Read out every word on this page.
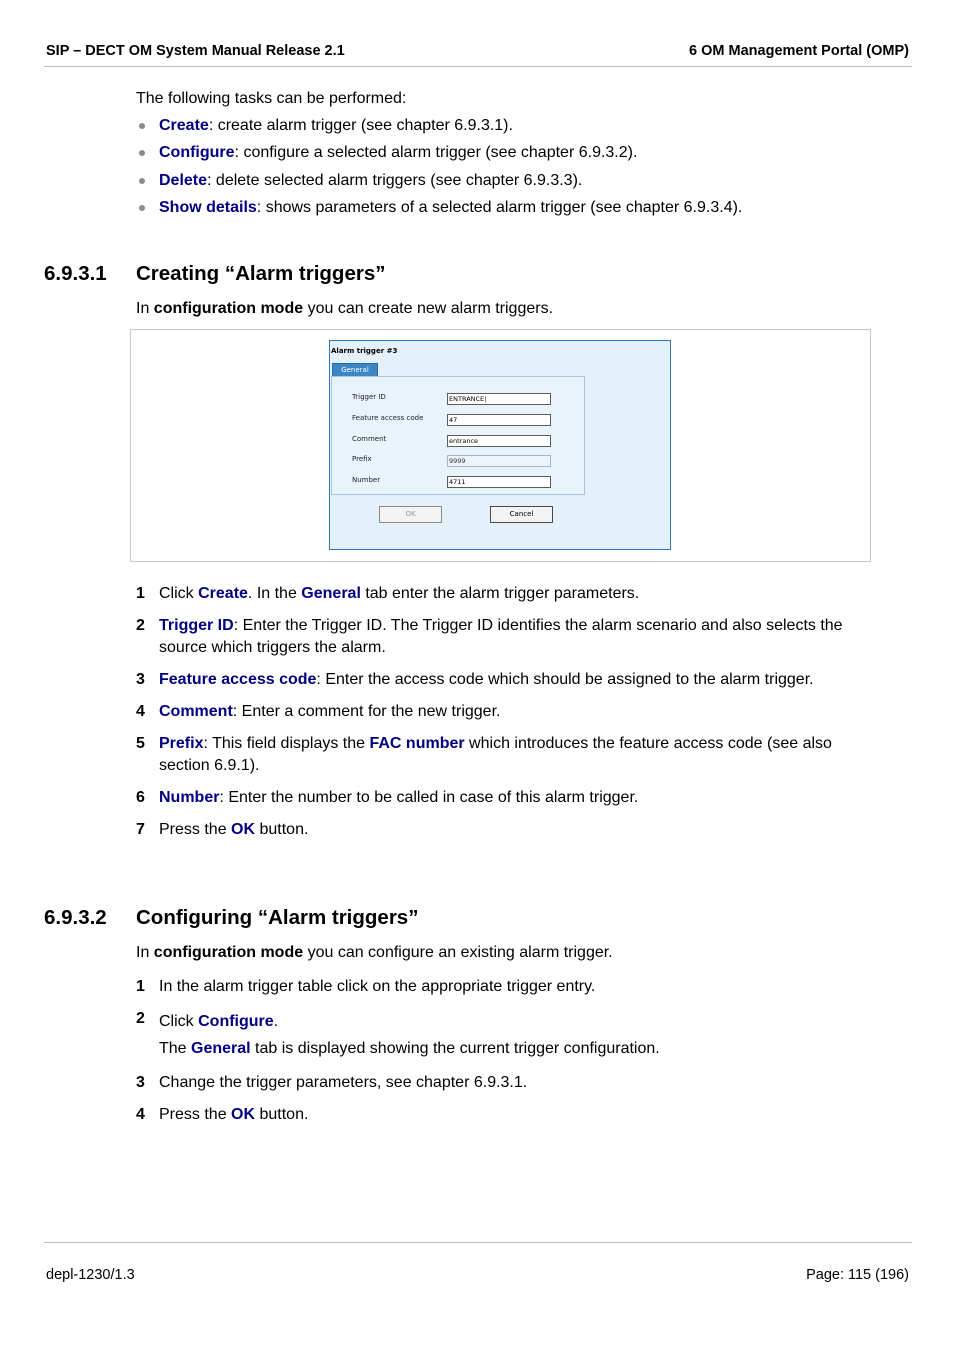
SIP – DECT OM System Manual Release 2.1	6 OM Management Portal (OMP)
The following tasks can be performed:
Create: create alarm trigger (see chapter 6.9.3.1).
Configure: configure a selected alarm trigger (see chapter 6.9.3.2).
Delete: delete selected alarm triggers (see chapter 6.9.3.3).
Show details: shows parameters of a selected alarm trigger (see chapter 6.9.3.4).
6.9.3.1 Creating “Alarm triggers”
In configuration mode you can create new alarm triggers.
Alarm trigger #3
General
Trigger ID	ENTRANCE|
Feature access code	47
Comment	entrance
Prefix	9999
Number	4711
OK	Cancel
1 Click Create. In the General tab enter the alarm trigger parameters.
2 Trigger ID: Enter the Trigger ID. The Trigger ID identifies the alarm scenario and also selects the source which triggers the alarm.
3 Feature access code: Enter the access code which should be assigned to the alarm trigger.
4 Comment: Enter a comment for the new trigger.
5 Prefix: This field displays the FAC number which introduces the feature access code (see also section 6.9.1).
6 Number: Enter the number to be called in case of this alarm trigger.
7 Press the OK button.
6.9.3.2 Configuring “Alarm triggers”
In configuration mode you can configure an existing alarm trigger.
1 In the alarm trigger table click on the appropriate trigger entry.
2 Click Configure.
The General tab is displayed showing the current trigger configuration.
3 Change the trigger parameters, see chapter 6.9.3.1.
4 Press the OK button.
depl-1230/1.3	Page: 115 (196)
